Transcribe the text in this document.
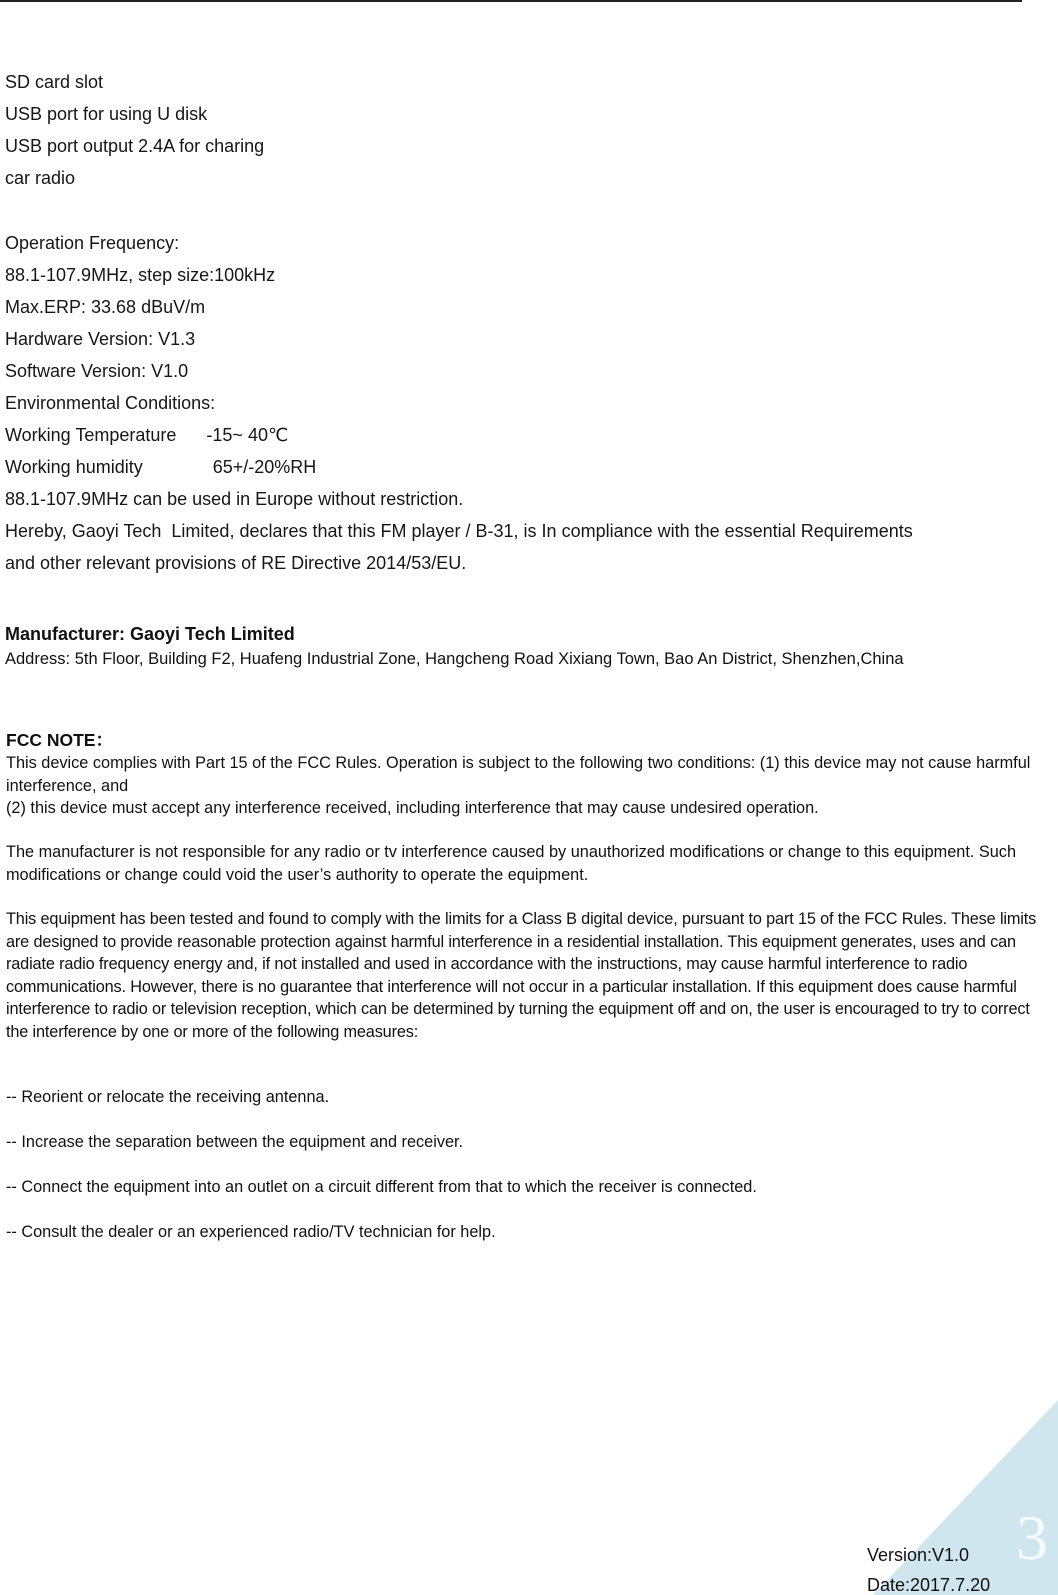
SD card slot
USB port for using U disk
USB port output 2.4A for charing
car radio
Operation Frequency:
88.1-107.9MHz, step size:100kHz
Max.ERP: 33.68 dBuV/m
Hardware Version: V1.3
Software Version: V1.0
Environmental Conditions:
Working Temperature      -15~ 40℃
Working humidity              65+/-20%RH
88.1-107.9MHz can be used in Europe without restriction.
Hereby, Gaoyi Tech  Limited, declares that this FM player / B-31, is In compliance with the essential Requirements
and other relevant provisions of RE Directive 2014/53/EU.
Manufacturer: Gaoyi Tech Limited
Address: 5th Floor, Building F2, Huafeng Industrial Zone, Hangcheng Road Xixiang Town, Bao An District, Shenzhen,China
FCC NOTE：
This device complies with Part 15 of the FCC Rules. Operation is subject to the following two conditions: (1) this device may not cause harmful interference, and
(2) this device must accept any interference received, including interference that may cause undesired operation.
The manufacturer is not responsible for any radio or tv interference caused by unauthorized modifications or change to this equipment. Such modifications or change could void the user’s authority to operate the equipment.
This equipment has been tested and found to comply with the limits for a Class B digital device, pursuant to part 15 of the FCC Rules. These limits are designed to provide reasonable protection against harmful interference in a residential installation. This equipment generates, uses and can radiate radio frequency energy and, if not installed and used in accordance with the instructions, may cause harmful interference to radio communications. However, there is no guarantee that interference will not occur in a particular installation. If this equipment does cause harmful interference to radio or television reception, which can be determined by turning the equipment off and on, the user is encouraged to try to correct the interference by one or more of the following measures:
-- Reorient or relocate the receiving antenna.
-- Increase the separation between the equipment and receiver.
-- Connect the equipment into an outlet on a circuit different from that to which the receiver is connected.
-- Consult the dealer or an experienced radio/TV technician for help.
3
Version:V1.0
Date:2017.7.20
